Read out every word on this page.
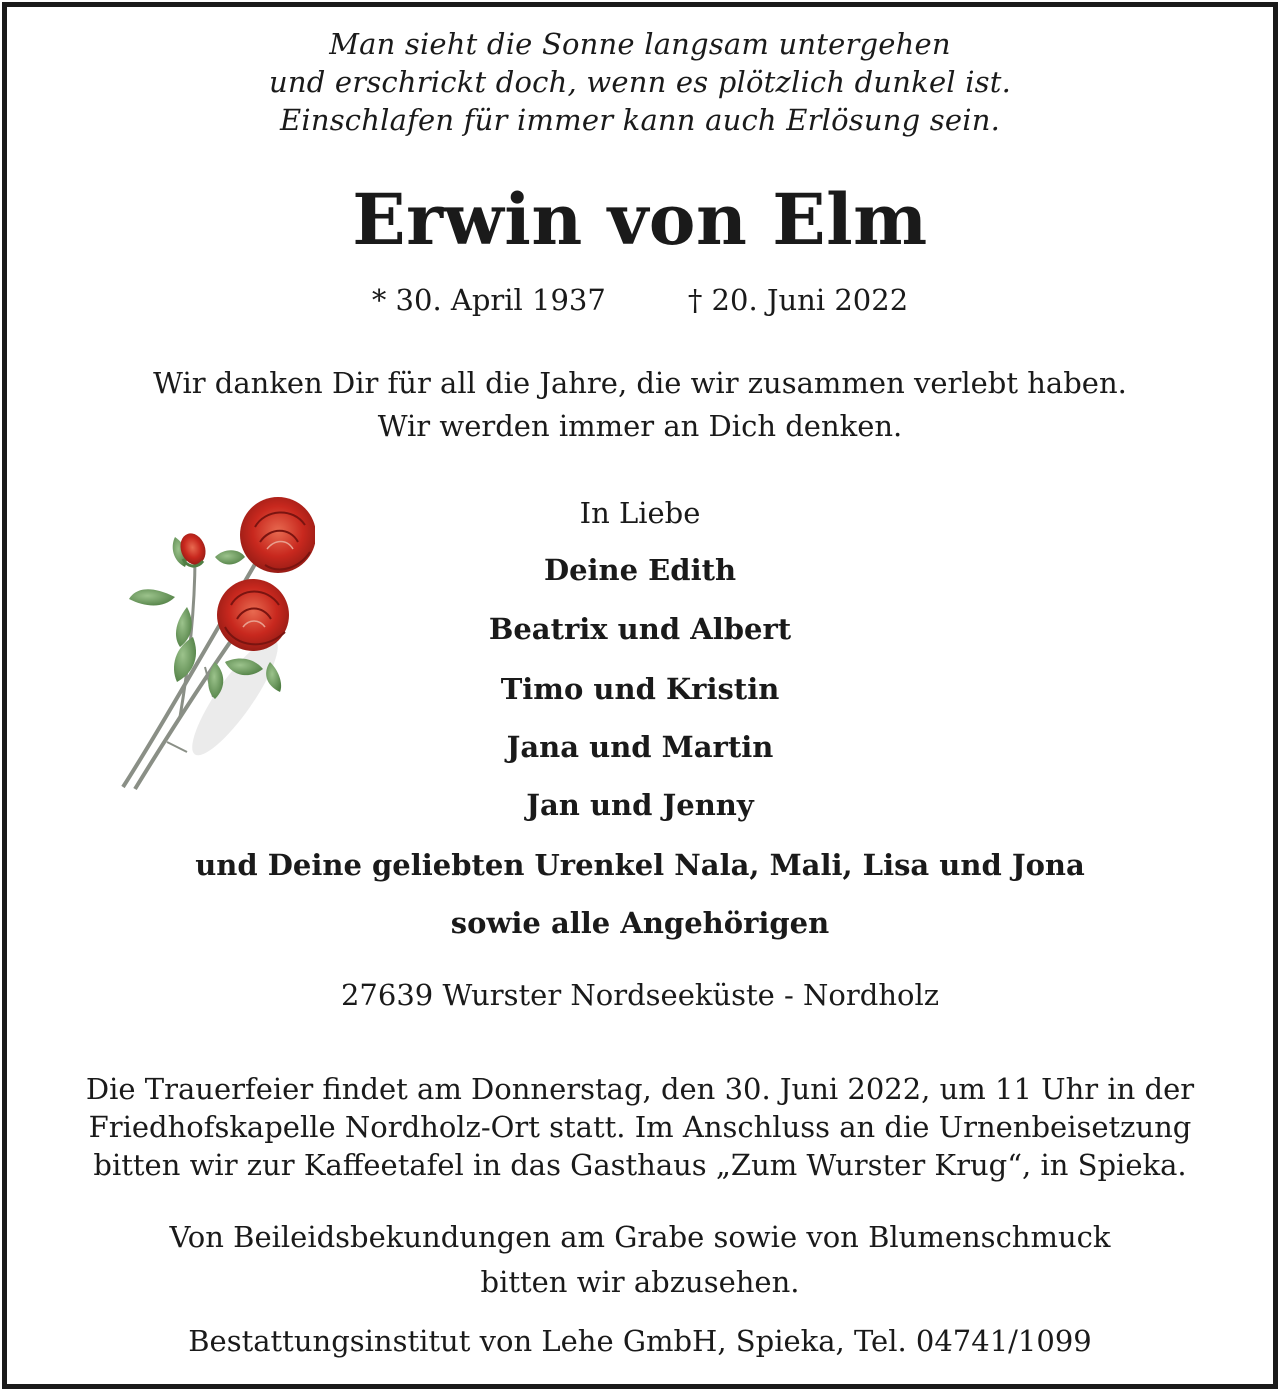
Man sieht die Sonne langsam untergehen

und erschrickt doch, wenn es plötzlich dunkel ist.

Einschlafen für immer kann auch Erlösung sein.

Erwin von Elm

* 30. April 1937	† 20. Juni 2022

Wir danken Dir für all die Jahre, die wir zusammen verlebt haben.

Wir werden immer an Dich denken.

In Liebe

Deine Edith

Beatrix und Albert

Timo und Kristin

Jana und Martin

Jan und Jenny

und Deine geliebten Urenkel Nala, Mali, Lisa und Jona

sowie alle Angehörigen

27639 Wurster Nordseeküste - Nordholz

Die Trauerfeier findet am Donnerstag, den 30. Juni 2022, um 11 Uhr in der

Friedhofskapelle Nordholz-Ort statt. Im Anschluss an die Urnenbeisetzung

bitten wir zur Kaffeetafel in das Gasthaus „Zum Wurster Krug“, in Spieka.

Von Beileidsbekundungen am Grabe sowie von Blumenschmuck

bitten wir abzusehen.

Bestattungsinstitut von Lehe GmbH, Spieka, Tel. 04741/1099
